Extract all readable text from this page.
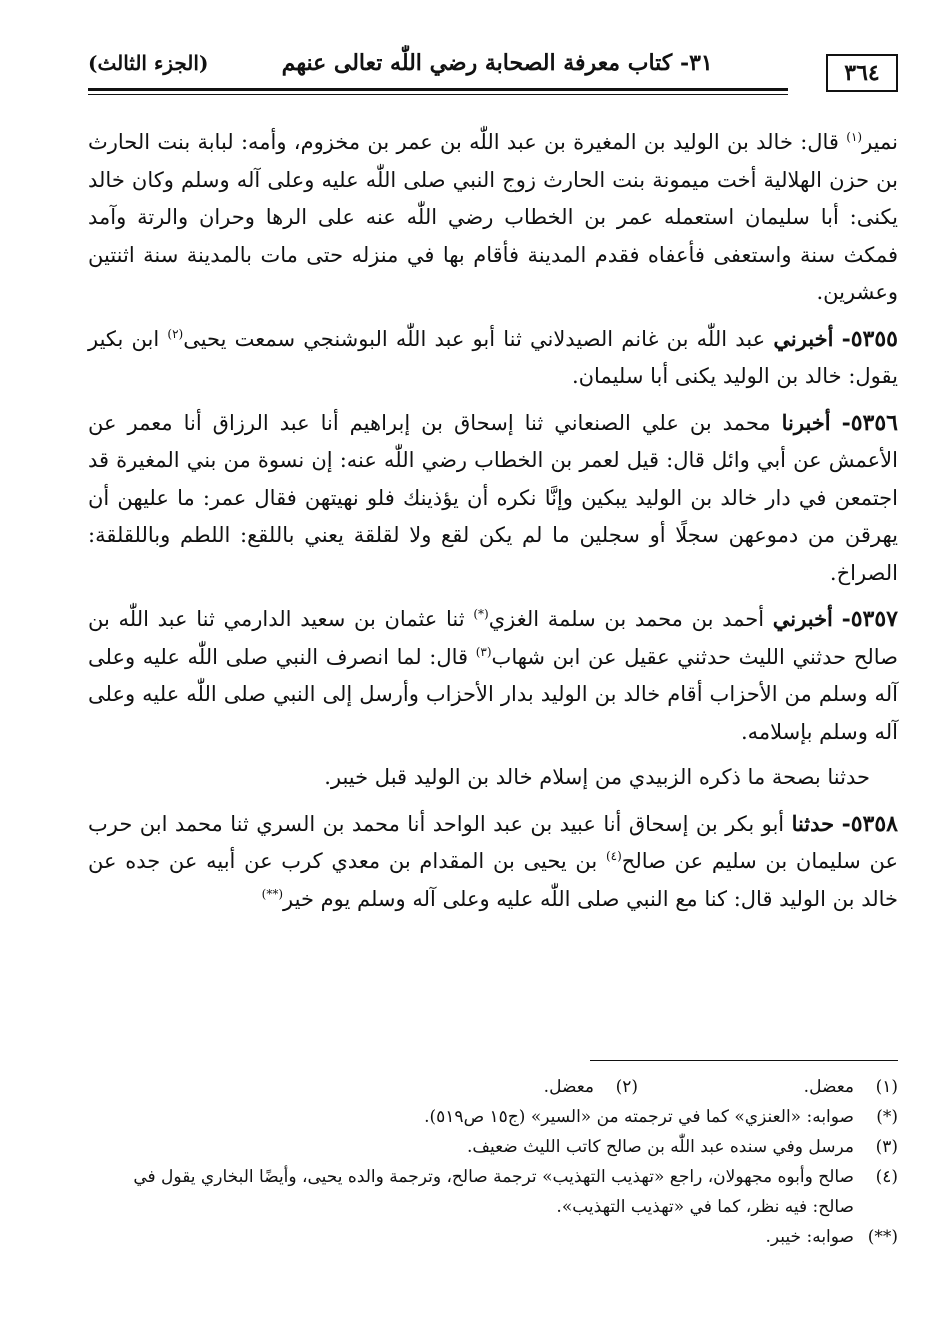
٣٦٤
٣١- كتاب معرفة الصحابة رضي اللّٰه تعالى عنهم
(الجزء الثالث)

نمير$^{(١)}$ قال: خالد بن الوليد بن المغيرة بن عبد اللّٰه بن عمر بن مخزوم، وأمه: لبابة بنت الحارث بن حزن الهلالية أخت ميمونة بنت الحارث زوج النبي صلى اللّٰه عليه وعلى آله وسلم وكان خالد يكنى: أبا سليمان استعمله عمر بن الخطاب رضي اللّٰه عنه على الرها وحران والرتة وآمد فمكث سنة واستعفى فأعفاه فقدم المدينة فأقام بها في منزله حتى مات بالمدينة سنة اثنتين وعشرين.

٥٣٥٥- أخبرني عبد اللّٰه بن غانم الصيدلاني ثنا أبو عبد اللّٰه البوشنجي سمعت يحيى$^{(٢)}$ ابن بكير يقول: خالد بن الوليد يكنى أبا سليمان.

٥٣٥٦- أخبرنا محمد بن علي الصنعاني ثنا إسحاق بن إبراهيم أنا عبد الرزاق أنا معمر عن الأعمش عن أبي وائل قال: قيل لعمر بن الخطاب رضي اللّٰه عنه: إن نسوة من بني المغيرة قد اجتمعن في دار خالد بن الوليد يبكين وإنَّا نكره أن يؤذينك فلو نهيتهن فقال عمر: ما عليهن أن يهرقن من دموعهن سجلًا أو سجلين ما لم يكن لقع ولا لقلقة يعني باللقع: اللطم وباللقلقة: الصراخ.

٥٣٥٧- أخبرني أحمد بن محمد بن سلمة الغزي(*) ثنا عثمان بن سعيد الدارمي ثنا عبد اللّٰه بن صالح حدثني الليث حدثني عقيل عن ابن شهاب$^{(٣)}$ قال: لما انصرف النبي صلى اللّٰه عليه وعلى آله وسلم من الأحزاب أقام خالد بن الوليد بدار الأحزاب وأرسل إلى النبي صلى اللّٰه عليه وعلى آله وسلم بإسلامه.

حدثنا بصحة ما ذكره الزبيدي من إسلام خالد بن الوليد قبل خيبر.

٥٣٥٨- حدثنا أبو بكر بن إسحاق أنا عبيد بن عبد الواحد أنا محمد بن السري ثنا محمد ابن حرب عن سليمان بن سليم عن صالح$^{(٤)}$ بن يحيى بن المقدام بن معدي كرب عن أبيه عن جده عن خالد بن الوليد قال: كنا مع النبي صلى اللّٰه عليه وعلى آله وسلم يوم خير(**)

(١)
معضل.
(٢)
معضل.
(*)
صوابه: «العنزي» كما في ترجمته من «السير» (ج١٥ ص٥١٩).
(٣)
مرسل وفي سنده عبد اللّٰه بن صالح كاتب الليث ضعيف.
(٤)
صالح وأبوه مجهولان، راجع «تهذيب التهذيب» ترجمة صالح، وترجمة والده يحيى، وأيضًا البخاري يقول في صالح: فيه نظر، كما في «تهذيب التهذيب».
(**)
صوابه: خيبر.
